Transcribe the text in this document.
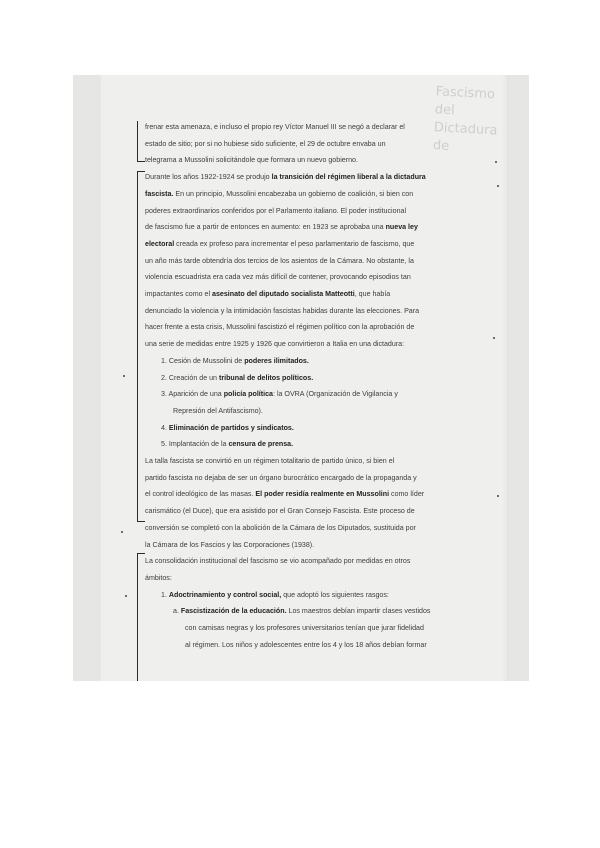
Fascismo
del
Dictadura
de
frenar esta amenaza, e incluso el propio rey Víctor Manuel III se negó a declarar el
estado de sitio; por si no hubiese sido suficiente, el 29 de octubre envaba un
telegrama a Mussolini solicitándole que formara un nuevo gobierno.
Durante los años 1922-1924 se produjo la transición del régimen liberal a la dictadura
fascista. En un principio, Mussolini encabezaba un gobierno de coalición, si bien con
poderes extraordinarios conferidos por el Parlamento italiano. El poder institucional
de fascismo fue a partir de entonces en aumento: en 1923 se aprobaba una nueva ley
electoral creada ex profeso para incrementar el peso parlamentario de fascismo, que
un año más tarde obtendría dos tercios de los asientos de la Cámara. No obstante, la
violencia escuadrista era cada vez más difícil de contener, provocando episodios tan
impactantes como el asesinato del diputado socialista Matteotti, que había
denunciado la violencia y la intimidación fascistas habidas durante las elecciones. Para
hacer frente a esta crisis, Mussolini fascistizó el régimen político con la aprobación de
una serie de medidas entre 1925 y 1926 que convirtieron a Italia en una dictadura:
1. Cesión de Mussolini de poderes ilimitados.
2. Creación de un tribunal de delitos políticos.
3. Aparición de una policía política: la OVRA (Organización de Vigilancia y
Represión del Antifascismo).
4. Eliminación de partidos y sindicatos.
5. Implantación de la censura de prensa.
La talla fascista se convirtió en un régimen totalitario de partido único, si bien el
partido fascista no dejaba de ser un órgano burocrático encargado de la propaganda y
el control ideológico de las masas. El poder residía realmente en Mussolini como líder
carismático (el Duce), que era asistido por el Gran Consejo Fascista. Este proceso de
conversión se completó con la abolición de la Cámara de los Diputados, sustituida por
la Cámara de los Fascios y las Corporaciones (1938).
La consolidación institucional del fascismo se vio acompañado por medidas en otros
ámbitos:
1. Adoctrinamiento y control social, que adoptó los siguientes rasgos:
a. Fascistización de la educación. Los maestros debían impartir clases vestidos
con camisas negras y los profesores universitarios tenían que jurar fidelidad
al régimen. Los niños y adolescentes entre los 4 y los 18 años debían formar
